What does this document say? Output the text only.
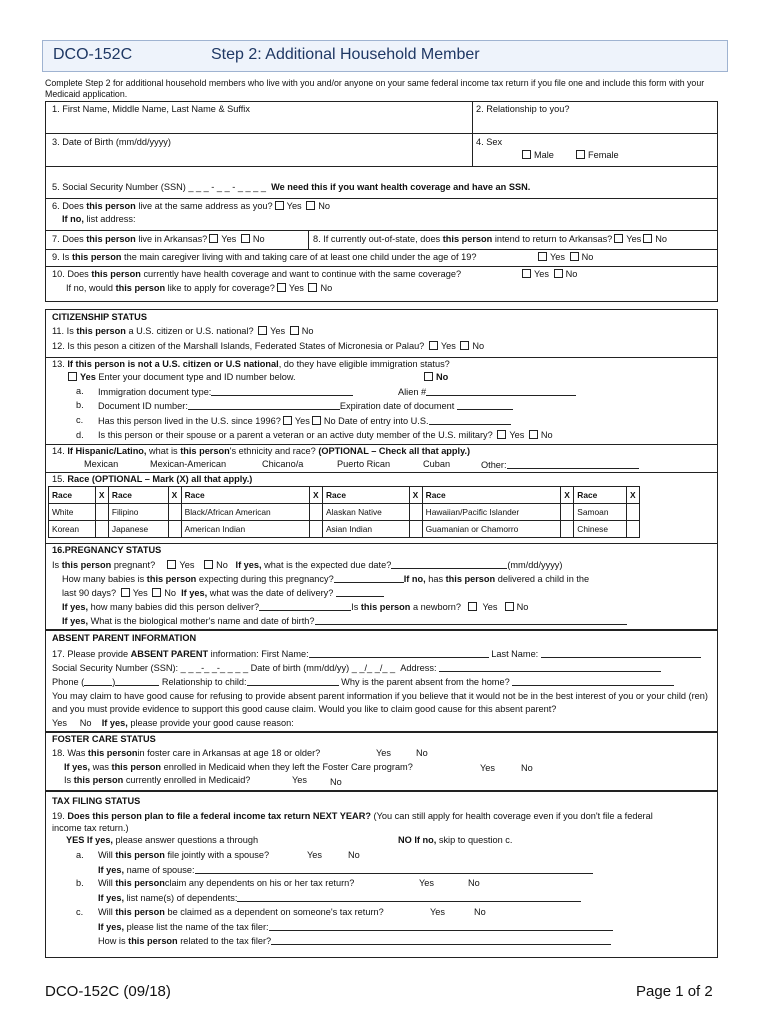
DCO-152C	Step 2: Additional Household Member
Complete Step 2 for additional household members who live with you and/or anyone on your same federal income tax return if you file one and include this form with your Medicaid application.
1. First Name, Middle Name, Last Name & Suffix	2. Relationship to you?
3. Date of Birth (mm/dd/yyyy)	4. Sex
Male	Female
5. Social Security Number (SSN) _ _ _ - _ _ - _ _ _ _ We need this if you want health coverage and have an SSN.
6. Does this person live at the same address as you? Yes No
If no, list address:
7. Does this person live in Arkansas? Yes No	8. If currently out-of-state, does this person intend to return to Arkansas? Yes No
9. Is this person the main caregiver living with and taking care of at least one child under the age of 19?	Yes No
10. Does this person currently have health coverage and want to continue with the same coverage?	Yes No
If no, would this person like to apply for coverage? Yes No
CITIZENSHIP STATUS
11. Is this person a U.S. citizen or U.S. national? Yes No
12. Is this peson a citizen of the Marshall Islands, Federated States of Micronesia or Palau? Yes No
13. If this person is not a U.S. citizen or U.S national, do they have eligible immigration status?
Yes Enter your document type and ID number below.	No
a. Immigration document type:	Alien #
b. Document ID number:	Expiration date of document
c. Has this person lived in the U.S. since 1996? Yes No Date of entry into U.S.
d. Is this person or their spouse or a parent a veteran or an active duty member of the U.S. military? Yes No
14. If Hispanic/Latino, what is this person's ethnicity and race? (OPTIONAL – Check all that apply.)
Mexican	Mexican-American	Chicano/a	Puerto Rican	Cuban	Other:
15. Race (OPTIONAL – Mark (X) all that apply.)
Race	X	Race	X	Race	X	Race	X	Race	X	Race	X
White		Filipino		Black/African American		Alaskan Native		Hawaiian/Pacific Islander		Samoan	
Korean		Japanese		American Indian		Asian Indian		Guamanian or Chamorro		Chinese	
16.PREGNANCY STATUS
Is this person pregnant?	Yes No If yes, what is the expected due date?	(mm/dd/yyyy)
How many babies is this person expecting during this pregnancy?	If no, has this person delivered a child in the
last 90 days? Yes No If yes, what was the date of delivery?
If yes, how many babies did this person deliver?	Is this person a newborn? Yes No
If yes, What is the biological mother's name and date of birth?
ABSENT PARENT INFORMATION
17. Please provide ABSENT PARENT information: First Name:	Last Name:
Social Security Number (SSN): _ _ _-_ _-_ _ _ _ Date of birth (mm/dd/yy) _ _/_ _/_ _ Address:
Phone (	)	Relationship to child:	Why is the parent absent from the home?
You may claim to have good cause for refusing to provide absent parent information if you believe that it would not be in the best interest of you or your child (ren) and you must provide evidence to support this good cause claim. Would you like to claim good cause for this absent parent?
Yes No If yes, please provide your good cause reason:
FOSTER CARE STATUS
18. Was this personin foster care in Arkansas at age 18 or older?	Yes	No
If yes, was this person enrolled in Medicaid when they left the Foster Care program?	Yes	No
Is this person currently enrolled in Medicaid?	Yes	No
TAX FILING STATUS
19. Does this person plan to file a federal income tax return NEXT YEAR? (You can still apply for health coverage even if you don't file a federal income tax return.)
YES If yes, please answer questions a through	NO If no, skip to question c.
a. Will this person file jointly with a spouse?	Yes	No
If yes, name of spouse:
b. Will this personclaim any dependents on his or her tax return?	Yes	No
If yes, list name(s) of dependents:
c. Will this person be claimed as a dependent on someone's tax return?	Yes	No
If yes, please list the name of the tax filer:
How is this person related to the tax filer?
DCO-152C (09/18)	Page 1 of 2
